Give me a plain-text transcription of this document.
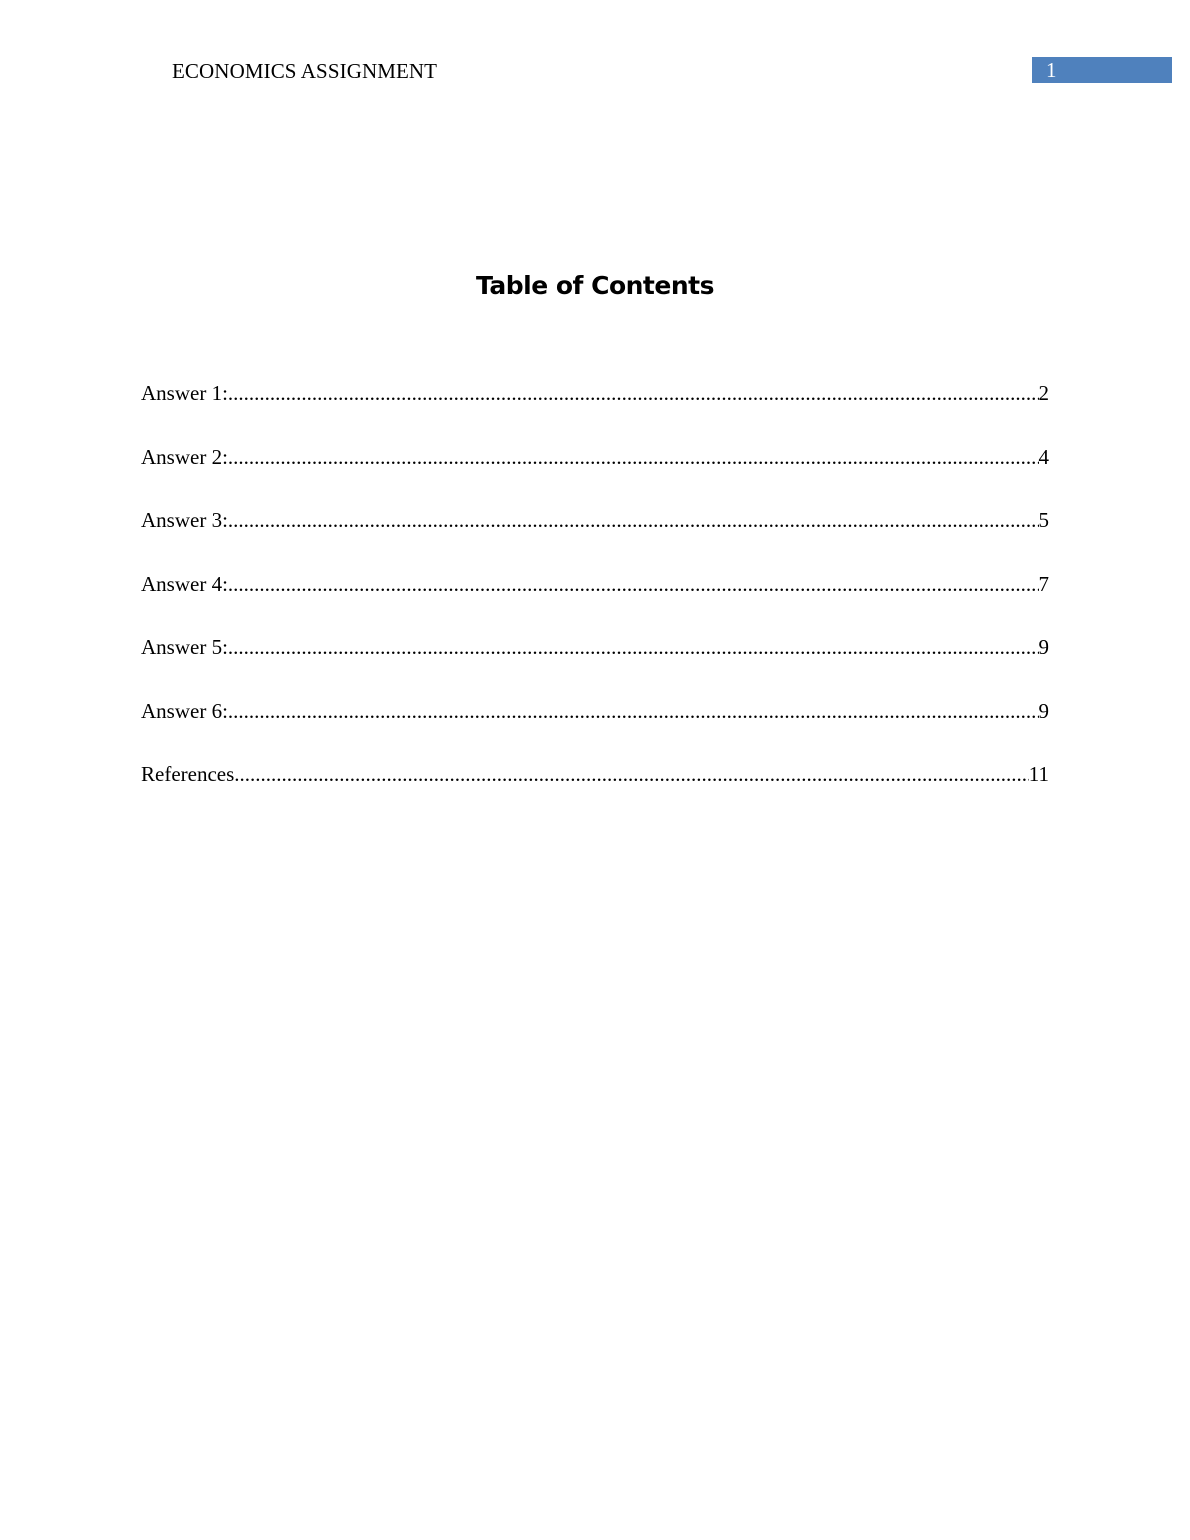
ECONOMICS ASSIGNMENT	1
Table of Contents
Answer 1: .....	2
Answer 2: .....	4
Answer 3: .....	5
Answer 4: .....	7
Answer 5: .....	9
Answer 6: .....	9
References .....	11
